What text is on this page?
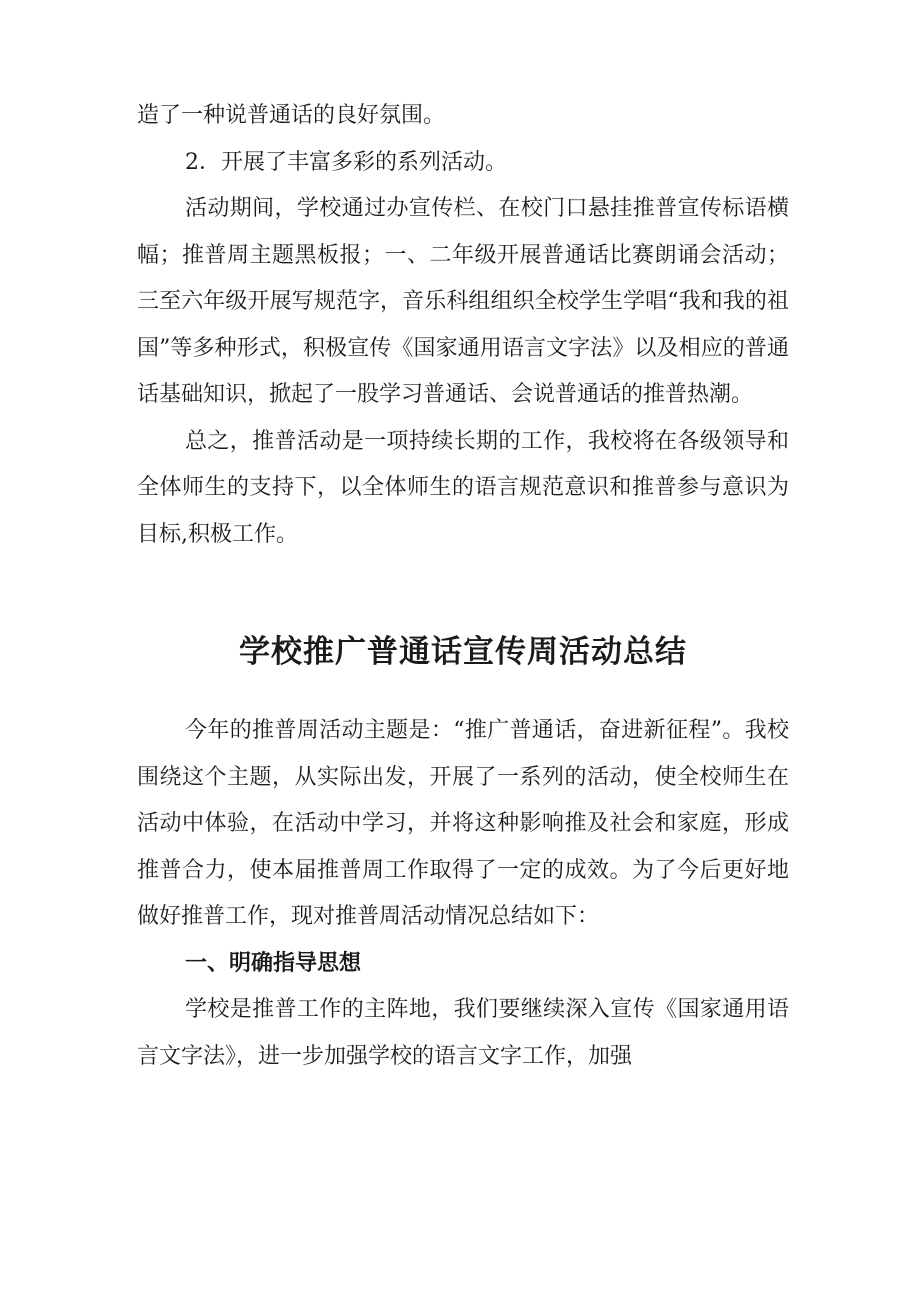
造了一种说普通话的良好氛围。

2．开展了丰富多彩的系列活动。

活动期间，学校通过办宣传栏、在校门口悬挂推普宣传标语横幅；推普周主题黑板报；一、二年级开展普通话比赛朗诵会活动；三至六年级开展写规范字，音乐科组组织全校学生学唱“我和我的祖国”等多种形式，积极宣传《国家通用语言文字法》以及相应的普通话基础知识，掀起了一股学习普通话、会说普通话的推普热潮。

总之，推普活动是一项持续长期的工作，我校将在各级领导和全体师生的支持下，以全体师生的语言规范意识和推普参与意识为目标,积极工作。

学校推广普通话宣传周活动总结

今年的推普周活动主题是：“推广普通话，奋进新征程”。我校围绕这个主题，从实际出发，开展了一系列的活动，使全校师生在活动中体验，在活动中学习，并将这种影响推及社会和家庭，形成推普合力，使本届推普周工作取得了一定的成效。为了今后更好地做好推普工作，现对推普周活动情况总结如下：

一、明确指导思想

学校是推普工作的主阵地，我们要继续深入宣传《国家通用语言文字法》，进一步加强学校的语言文字工作，加强
